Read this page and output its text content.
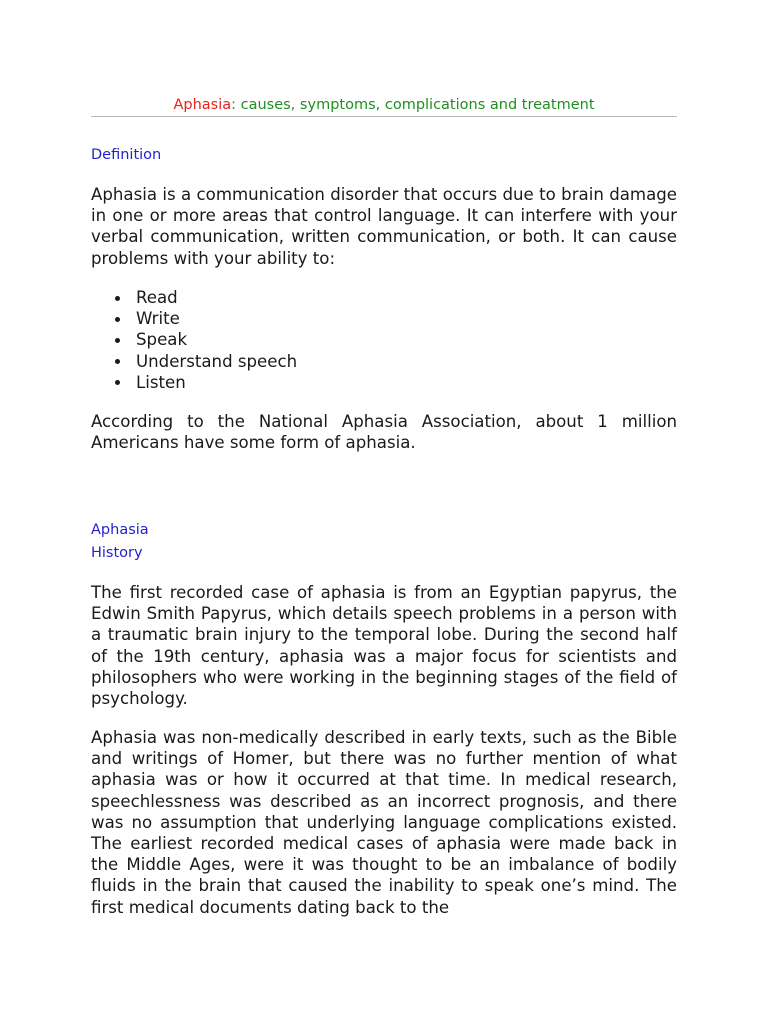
Aphasia: causes, symptoms, complications and treatment
Definition

Aphasia is a communication disorder that occurs due to brain damage in one or more areas that control language. It can interfere with your verbal communication, written communication, or both. It can cause problems with your ability to:

Read
Write
Speak
Understand speech
Listen

According to the National Aphasia Association, about 1 million Americans have some form of aphasia.

Aphasia
History

The first recorded case of aphasia is from an Egyptian papyrus, the Edwin Smith Papyrus, which details speech problems in a person with a traumatic brain injury to the temporal lobe. During the second half of the 19th century, aphasia was a major focus for scientists and philosophers who were working in the beginning stages of the field of psychology.

Aphasia was non-medically described in early texts, such as the Bible and writings of Homer, but there was no further mention of what aphasia was or how it occurred at that time. In medical research, speechlessness was described as an incorrect prognosis, and there was no assumption that underlying language complications existed. The earliest recorded medical cases of aphasia were made back in the Middle Ages, were it was thought to be an imbalance of bodily fluids in the brain that caused the inability to speak one’s mind. The first medical documents dating back to the
